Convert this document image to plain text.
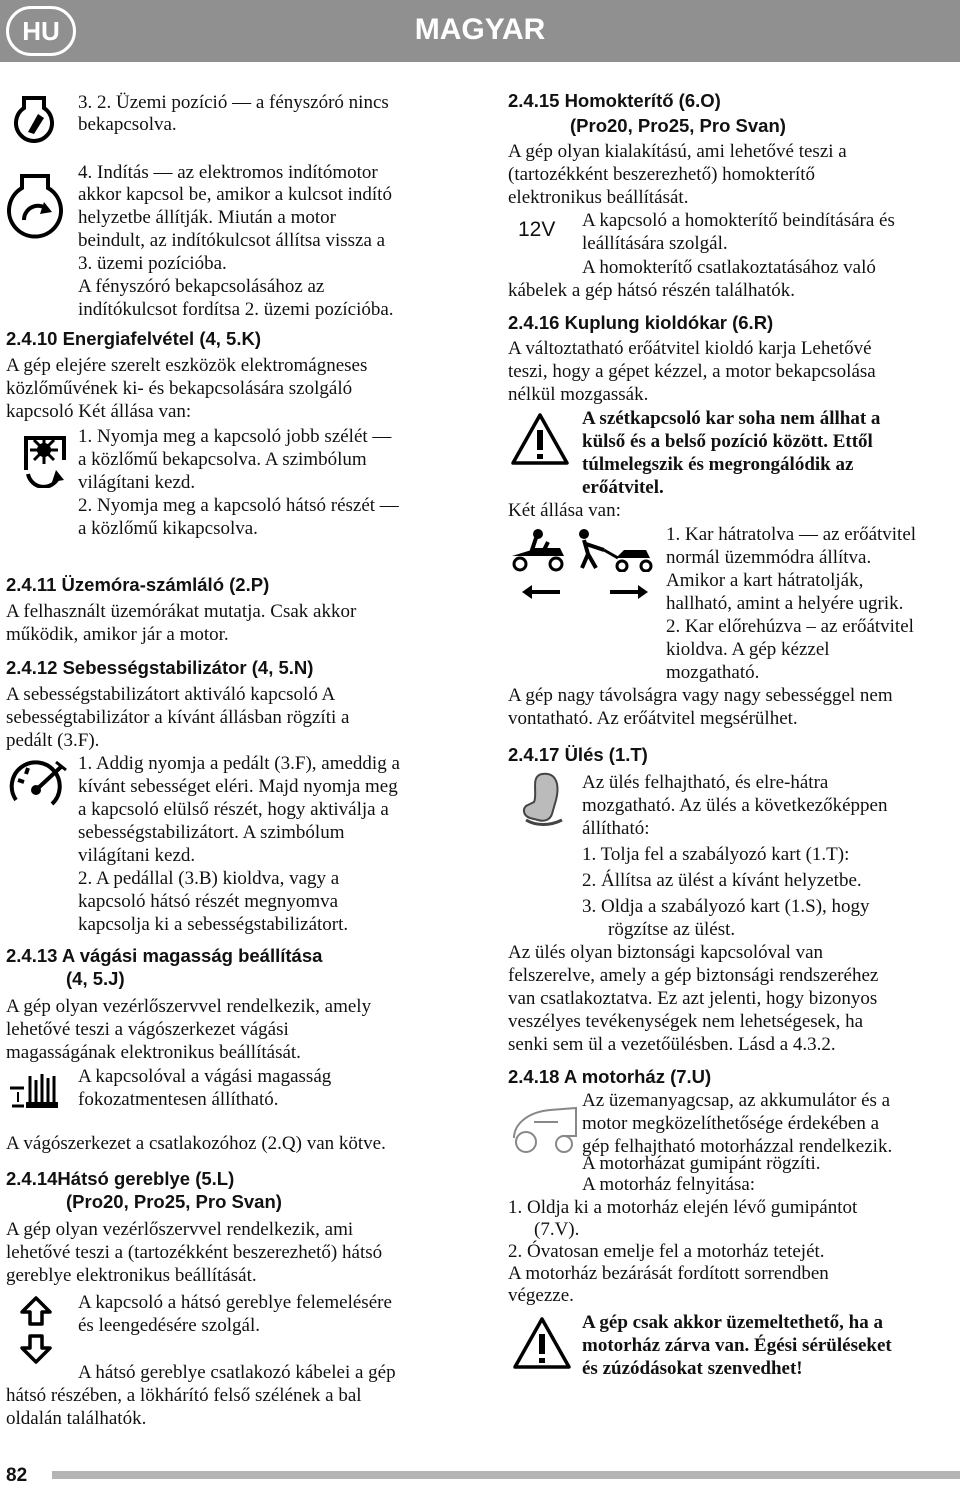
HU	MAGYAR
3. 2. Üzemi pozíció — a fényszóró nincs
bekapcsolva.
4. Indítás — az elektromos indítómotor
akkor kapcsol be, amikor a kulcsot indító
helyzetbe állítják. Miután a motor
beindult, az indítókulcsot állítsa vissza a
3. üzemi pozícióba.
A fényszóró bekapcsolásához az
indítókulcsot fordítsa 2. üzemi pozícióba.
2.4.10 Energiafelvétel (4, 5.K)
A gép elejére szerelt eszközök elektromágneses
közlőművének ki- és bekapcsolására szolgáló
kapcsoló Két állása van:
1. Nyomja meg a kapcsoló jobb szélét —
a közlőmű bekapcsolva. A szimbólum
világítani kezd.
2. Nyomja meg a kapcsoló hátsó részét —
a közlőmű kikapcsolva.
2.4.11 Üzemóra-számláló (2.P)
A felhasznált üzemórákat mutatja. Csak akkor
működik, amikor jár a motor.
2.4.12 Sebességstabilizátor (4, 5.N)
A sebességstabilizátort aktiváló kapcsoló A
sebességtabilizátor a kívánt állásban rögzíti a
pedált (3.F).
1. Addig nyomja a pedált (3.F), ameddig a
kívánt sebességet eléri. Majd nyomja meg
a kapcsoló elülső részét, hogy aktiválja a
sebességstabilizátort. A szimbólum
világítani kezd.
2. A pedállal (3.B) kioldva, vagy a
kapcsoló hátsó részét megnyomva
kapcsolja ki a sebességstabilizátort.
2.4.13 A vágási magasság beállítása
(4, 5.J)
A gép olyan vezérlőszervvel rendelkezik, amely
lehetővé teszi a vágószerkezet vágási
magasságának elektronikus beállítását.
A kapcsolóval a vágási magasság
fokozatmentesen állítható.
A vágószerkezet a csatlakozóhoz (2.Q) van kötve.
2.4.14Hátsó gereblye (5.L)
(Pro20, Pro25, Pro Svan)
A gép olyan vezérlőszervvel rendelkezik, ami
lehetővé teszi a (tartozékként beszerezhető) hátsó
gereblye elektronikus beállítását.
A kapcsoló a hátsó gereblye felemelésére
és leengedésére szolgál.
A hátsó gereblye csatlakozó kábelei a gép
hátsó részében, a lökhárító felső szélének a bal
oldalán találhatók.
2.4.15 Homokterítő (6.O)
(Pro20, Pro25, Pro Svan)
A gép olyan kialakítású, ami lehetővé teszi a
(tartozékként beszerezhető) homokterítő
elektronikus beállítását.
12V A kapcsoló a homokterítő beindítására és
leállítására szolgál.
A homokterítő csatlakoztatásához való
kábelek a gép hátsó részén találhatók.
2.4.16 Kuplung kioldókar (6.R)
A változtatható erőátvitel kioldó karja Lehetővé
teszi, hogy a gépet kézzel, a motor bekapcsolása
nélkül mozgassák.
A szétkapcsoló kar soha nem állhat a
külső és a belső pozíció között. Ettől
túlmelegszik és megrongálódik az
erőátvitel.
Két állása van:
1. Kar hátratolva — az erőátvitel
normál üzemmódra állítva.
Amikor a kart hátratolják,
hallható, amint a helyére ugrik.
2. Kar előrehúzva – az erőátvitel
kioldva. A gép kézzel
mozgatható.
A gép nagy távolságra vagy nagy sebességgel nem
vontatható. Az erőátvitel megsérülhet.
2.4.17 Ülés (1.T)
Az ülés felhajtható, és elre-hátra
mozgatható. Az ülés a következőképpen
állítható:
1. Tolja fel a szabályozó kart (1.T):
2. Állítsa az ülést a kívánt helyzetbe.
3. Oldja a szabályozó kart (1.S), hogy
rögzítse az ülést.
Az ülés olyan biztonsági kapcsolóval van
felszerelve, amely a gép biztonsági rendszeréhez
van csatlakoztatva. Ez azt jelenti, hogy bizonyos
veszélyes tevékenységek nem lehetségesek, ha
senki sem ül a vezetőülésben. Lásd a 4.3.2.
2.4.18 A motorház (7.U)
Az üzemanyagcsap, az akkumulátor és a
motor megközelíthetősége érdekében a
gép felhajtható motorházzal rendelkezik.
A motorházat gumipánt rögzíti.
A motorház felnyitása:
1. Oldja ki a motorház elején lévő gumipántot
(7.V).
2. Óvatosan emelje fel a motorház tetejét.
A motorház bezárását fordított sorrendben
végezze.
A gép csak akkor üzemeltethető, ha a
motorház zárva van. Égési sérüléseket
és zúzódásokat szenvedhet!
82
